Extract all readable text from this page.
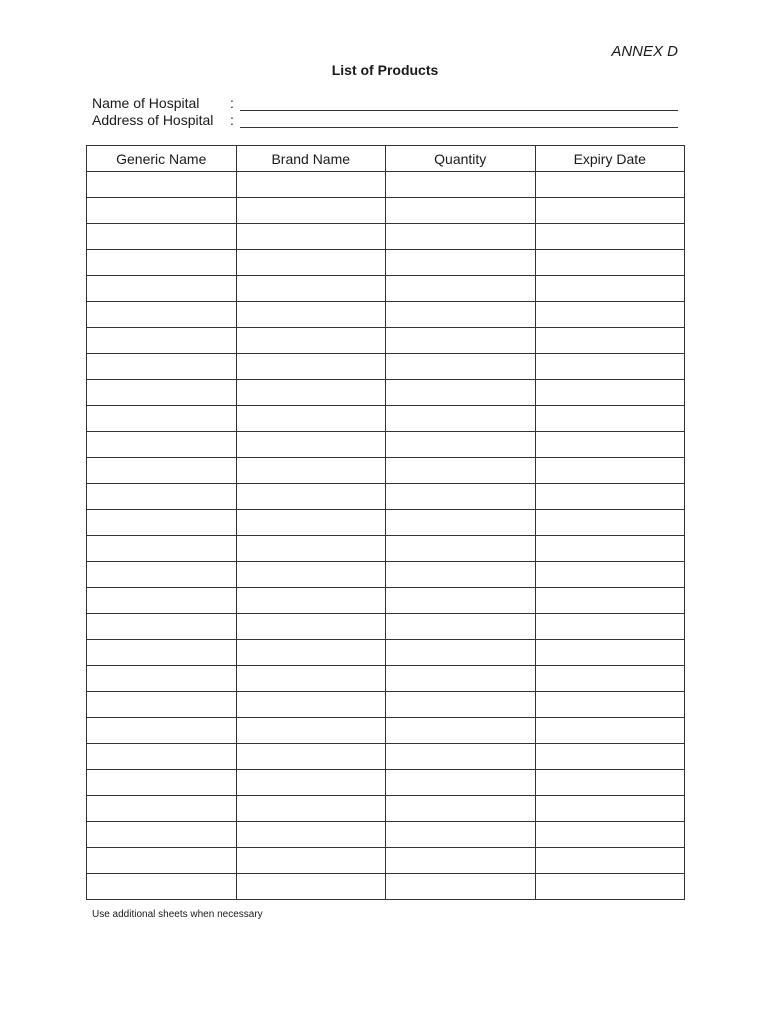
ANNEX D
List of Products
Name of Hospital :
Address of Hospital :
Generic Name	Brand Name	Quantity	Expiry Date

Use additional sheets when necessary
